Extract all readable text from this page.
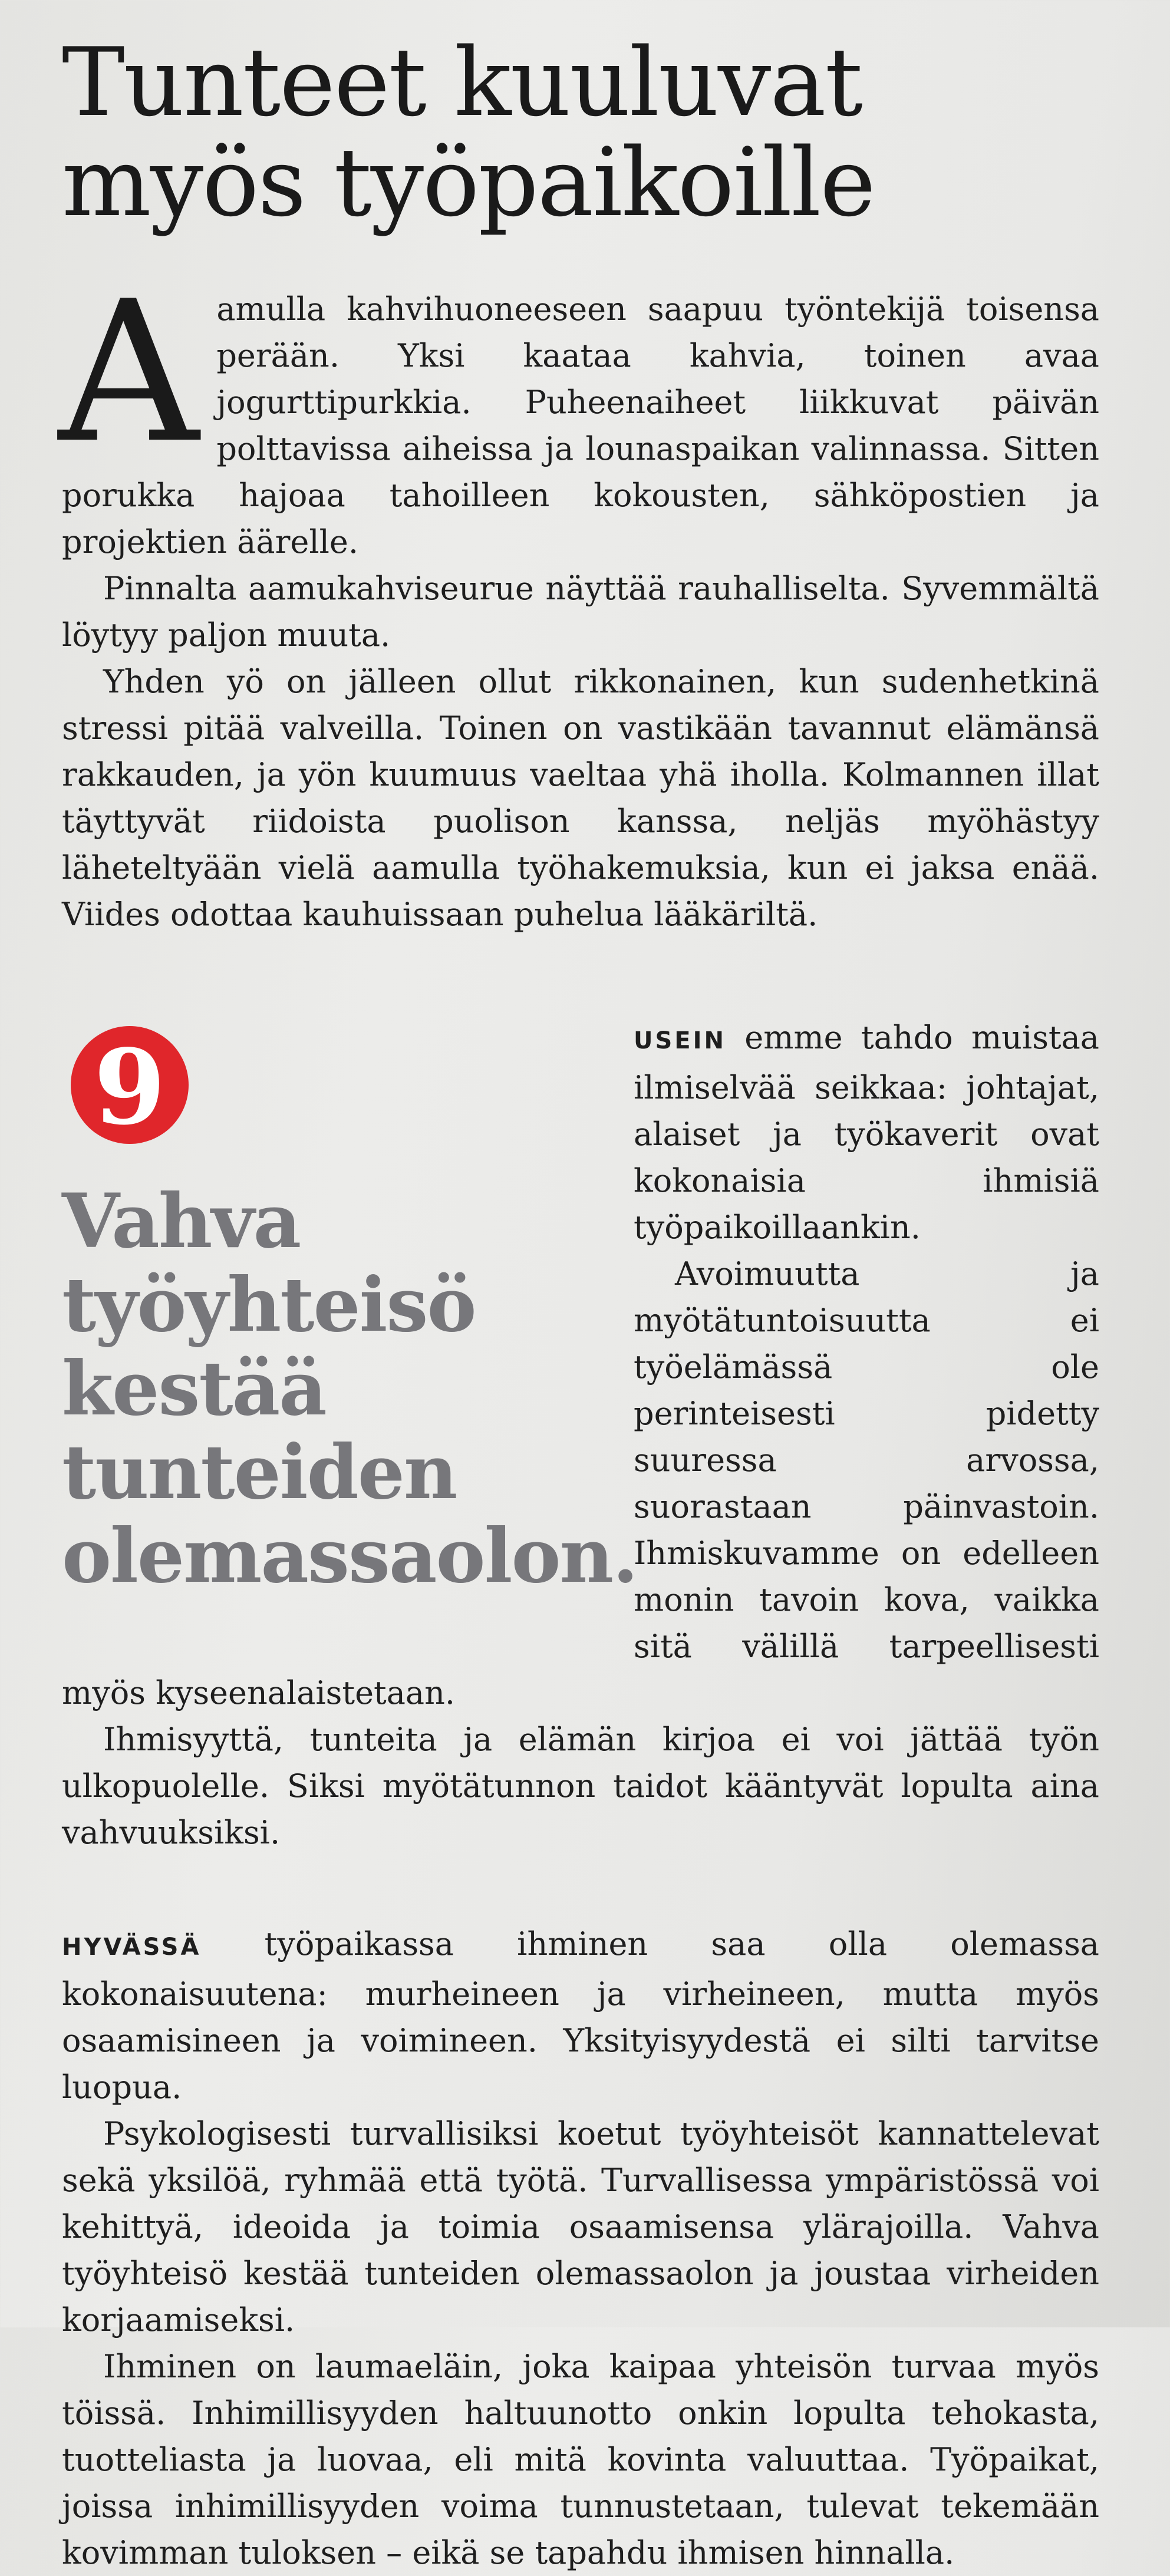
Tunteet kuuluvat
myös työpaikoille

Aamulla kahvihuoneeseen saapuu työntekijä toisensa perään. Yksi kaataa kahvia, toinen avaa jogurttipurkkia. Puheenaiheet liikkuvat päivän polttavissa aiheissa ja lounaspaikan valinnassa. Sitten porukka hajoaa tahoilleen kokousten, sähköpostien ja projektien äärelle.

Pinnalta aamukahviseurue näyttää rauhalliselta. Syvemmältä löytyy paljon muuta.

Yhden yö on jälleen ollut rikkonainen, kun sudenhetkinä stressi pitää valveilla. Toinen on vastikään tavannut elämänsä rakkauden, ja yön kuumuus vaeltaa yhä iholla. Kolmannen illat täyttyvät riidoista puolison kanssa, neljäs myöhästyy läheteltyään vielä aamulla työhakemuksia, kun ei jaksa enää. Viides odottaa kauhuissaan puhelua lääkäriltä.

9
Vahva työyhteisö kestää tunteiden olemassaolon.

USEIN emme tahdo muistaa ilmiselvää seikkaa: johtajat, alaiset ja työkaverit ovat kokonaisia ihmisiä työpaikoillaankin.

Avoimuutta ja myötätuntoisuutta ei työelämässä ole perinteisesti pidetty suuressa arvossa, suorastaan päinvastoin. Ihmiskuvamme on edelleen monin tavoin kova, vaikka sitä välillä tarpeellisesti myös kyseenalaistetaan.

Ihmisyyttä, tunteita ja elämän kirjoa ei voi jättää työn ulkopuolelle. Siksi myötätunnon taidot kääntyvät lopulta aina vahvuuksiksi.

HYVÄSSÄ työpaikassa ihminen saa olla olemassa kokonaisuutena: murheineen ja virheineen, mutta myös osaamisineen ja voimineen. Yksityisyydestä ei silti tarvitse luopua.

Psykologisesti turvallisiksi koetut työyhteisöt kannattelevat sekä yksilöä, ryhmää että työtä. Turvallisessa ympäristössä voi kehittyä, ideoida ja toimia osaamisensa ylärajoilla. Vahva työyhteisö kestää tunteiden olemassaolon ja joustaa virheiden korjaamiseksi.

Ihminen on laumaeläin, joka kaipaa yhteisön turvaa myös töissä. Inhimillisyyden haltuunotto onkin lopulta tehokasta, tuotteliasta ja luovaa, eli mitä kovinta valuuttaa. Työpaikat, joissa inhimillisyyden voima tunnustetaan, tulevat tekemään kovimman tuloksen – eikä se tapahdu ihmisen hinnalla.
